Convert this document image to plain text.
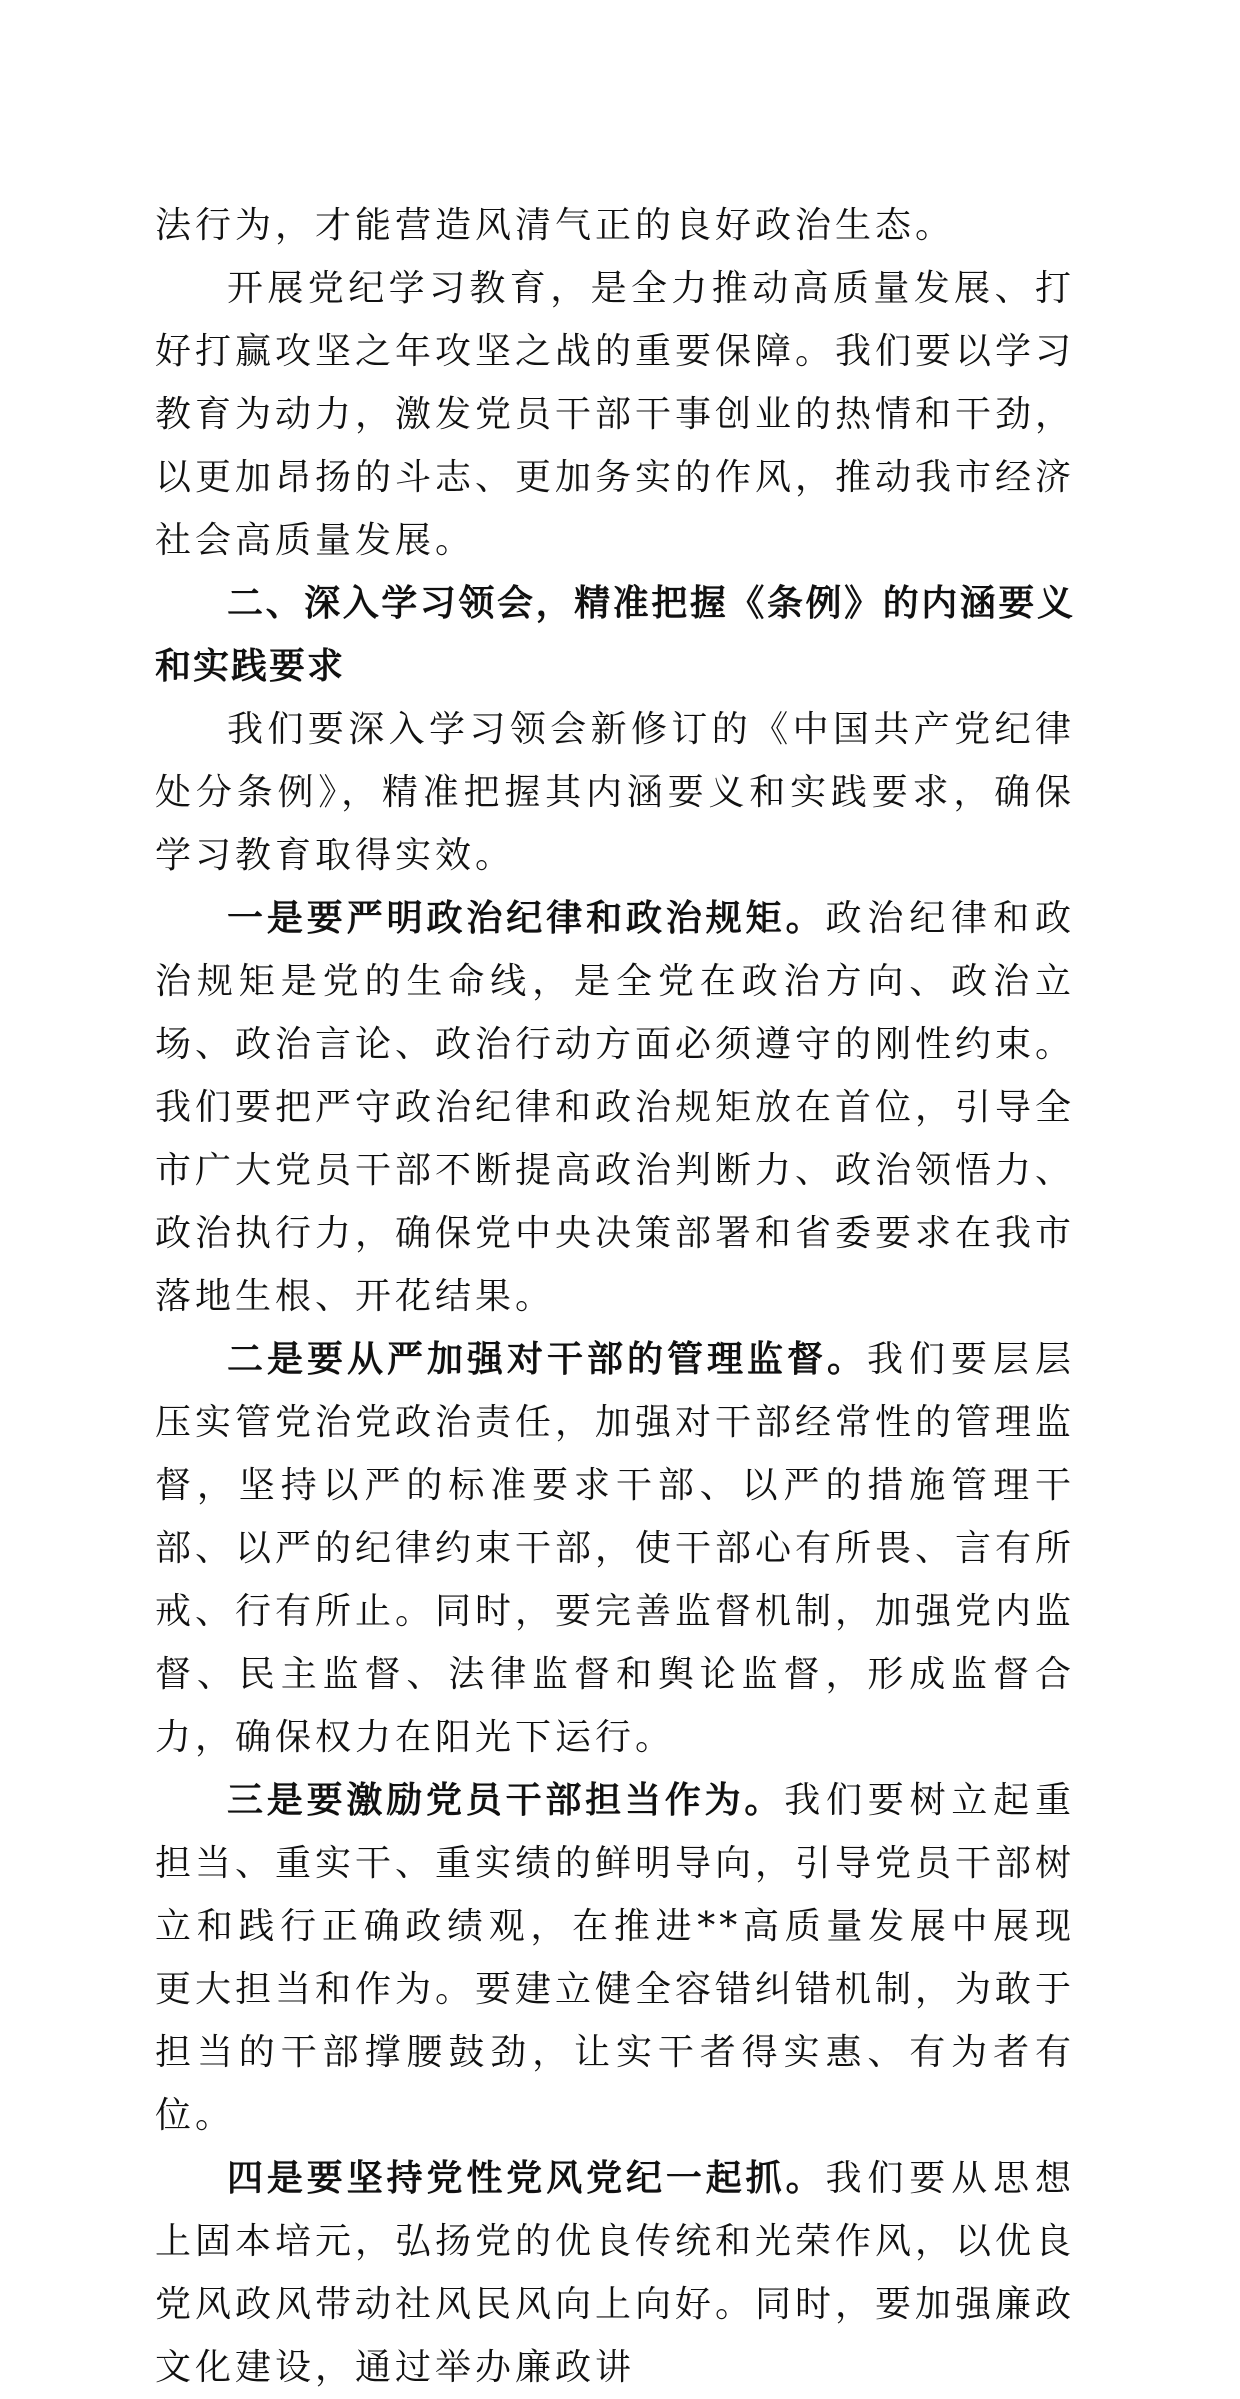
法行为，才能营造风清气正的良好政治生态。

开展党纪学习教育，是全力推动高质量发展、打好打赢攻坚之年攻坚之战的重要保障。我们要以学习教育为动力，激发党员干部干事创业的热情和干劲，以更加昂扬的斗志、更加务实的作风，推动我市经济社会高质量发展。

二、深入学习领会，精准把握《条例》的内涵要义和实践要求

我们要深入学习领会新修订的《中国共产党纪律处分条例》，精准把握其内涵要义和实践要求，确保学习教育取得实效。

一是要严明政治纪律和政治规矩。政治纪律和政治规矩是党的生命线，是全党在政治方向、政治立场、政治言论、政治行动方面必须遵守的刚性约束。我们要把严守政治纪律和政治规矩放在首位，引导全市广大党员干部不断提高政治判断力、政治领悟力、政治执行力，确保党中央决策部署和省委要求在我市落地生根、开花结果。

二是要从严加强对干部的管理监督。我们要层层压实管党治党政治责任，加强对干部经常性的管理监督，坚持以严的标准要求干部、以严的措施管理干部、以严的纪律约束干部，使干部心有所畏、言有所戒、行有所止。同时，要完善监督机制，加强党内监督、民主监督、法律监督和舆论监督，形成监督合力，确保权力在阳光下运行。

三是要激励党员干部担当作为。我们要树立起重担当、重实干、重实绩的鲜明导向，引导党员干部树立和践行正确政绩观，在推进**高质量发展中展现更大担当和作为。要建立健全容错纠错机制，为敢于担当的干部撑腰鼓劲，让实干者得实惠、有为者有位。

四是要坚持党性党风党纪一起抓。我们要从思想上固本培元，弘扬党的优良传统和光荣作风，以优良党风政风带动社风民风向上向好。同时，要加强廉政文化建设，通过举办廉政讲
